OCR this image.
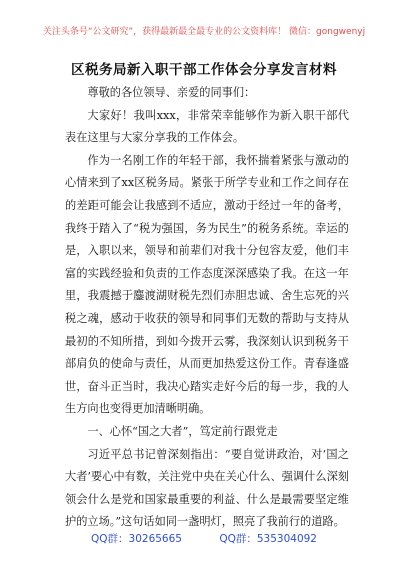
关注头条号“公文研究”，获得最新最全最专业的公文资料库！ 微信：gongwenyj
区税务局新入职干部工作体会分享发言材料

尊敬的各位领导、亲爱的同事们：

大家好！我叫xxx，非常荣幸能够作为新入职干部代表在这里与大家分享我的工作体会。

作为一名刚工作的年轻干部，我怀揣着紧张与激动的心情来到了xx区税务局。紧张于所学专业和工作之间存在的差距可能会让我感到不适应，激动于经过一年的备考，我终于踏入了“税为强国，务为民生”的税务系统。幸运的是，入职以来，领导和前辈们对我十分包容友爱，他们丰富的实践经验和负责的工作态度深深感染了我。在这一年里，我震撼于鏖渡湖财税先烈们赤胆忠诚、舍生忘死的兴税之魂，感动于收获的领导和同事们无数的帮助与支持从最初的不知所措，到如今拨开云雾，我深刻认识到税务干部肩负的使命与责任，从而更加热爱这份工作。青春逢盛世，奋斗正当时，我决心踏实走好今后的每一步，我的人生方向也变得更加清晰明确。

一、心怀“国之大者”，笃定前行跟党走

习近平总书记曾深刻指出：“要自觉讲政治，对‘国之大者’要心中有数，关注党中央在关心什么、强调什么深刻领会什么是党和国家最重要的利益、什么是最需要坚定维护的立场。”这句话如同一盏明灯，照亮了我前行的道路。

QQ群：30265665	QQ群：535304092
